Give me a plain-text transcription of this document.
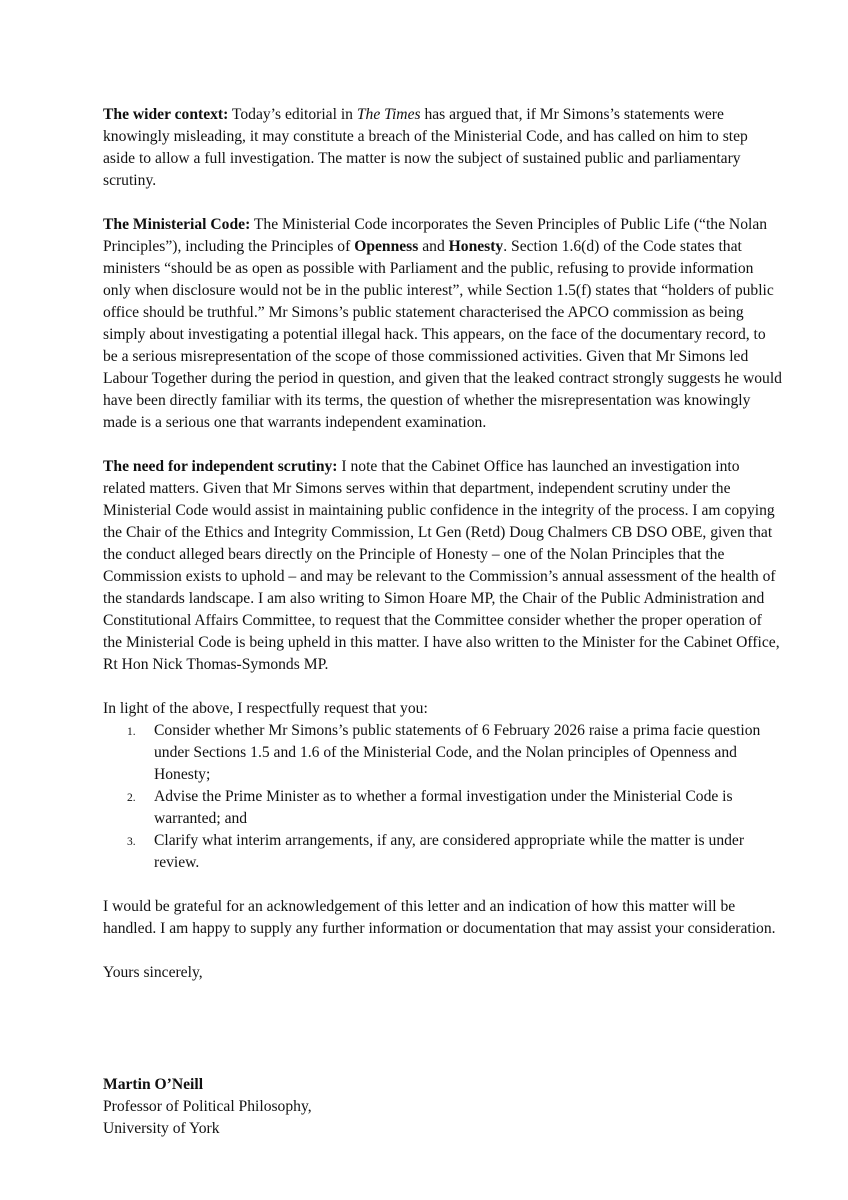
The wider context: Today’s editorial in The Times has argued that, if Mr Simons’s statements were knowingly misleading, it may constitute a breach of the Ministerial Code, and has called on him to step aside to allow a full investigation. The matter is now the subject of sustained public and parliamentary scrutiny.

The Ministerial Code: The Ministerial Code incorporates the Seven Principles of Public Life (“the Nolan Principles”), including the Principles of Openness and Honesty. Section 1.6(d) of the Code states that ministers “should be as open as possible with Parliament and the public, refusing to provide information only when disclosure would not be in the public interest”, while Section 1.5(f) states that “holders of public office should be truthful.” Mr Simons’s public statement characterised the APCO commission as being simply about investigating a potential illegal hack. This appears, on the face of the documentary record, to be a serious misrepresentation of the scope of those commissioned activities. Given that Mr Simons led Labour Together during the period in question, and given that the leaked contract strongly suggests he would have been directly familiar with its terms, the question of whether the misrepresentation was knowingly made is a serious one that warrants independent examination.

The need for independent scrutiny: I note that the Cabinet Office has launched an investigation into related matters. Given that Mr Simons serves within that department, independent scrutiny under the Ministerial Code would assist in maintaining public confidence in the integrity of the process. I am copying the Chair of the Ethics and Integrity Commission, Lt Gen (Retd) Doug Chalmers CB DSO OBE, given that the conduct alleged bears directly on the Principle of Honesty – one of the Nolan Principles that the Commission exists to uphold – and may be relevant to the Commission’s annual assessment of the health of the standards landscape. I am also writing to Simon Hoare MP, the Chair of the Public Administration and Constitutional Affairs Committee, to request that the Committee consider whether the proper operation of the Ministerial Code is being upheld in this matter. I have also written to the Minister for the Cabinet Office, Rt Hon Nick Thomas-Symonds MP.

In light of the above, I respectfully request that you:

1. Consider whether Mr Simons’s public statements of 6 February 2026 raise a prima facie question under Sections 1.5 and 1.6 of the Ministerial Code, and the Nolan principles of Openness and Honesty;
2. Advise the Prime Minister as to whether a formal investigation under the Ministerial Code is warranted; and
3. Clarify what interim arrangements, if any, are considered appropriate while the matter is under review.

I would be grateful for an acknowledgement of this letter and an indication of how this matter will be handled. I am happy to supply any further information or documentation that may assist your consideration.

Yours sincerely,

Martin O’Neill

Professor of Political Philosophy,

University of York
